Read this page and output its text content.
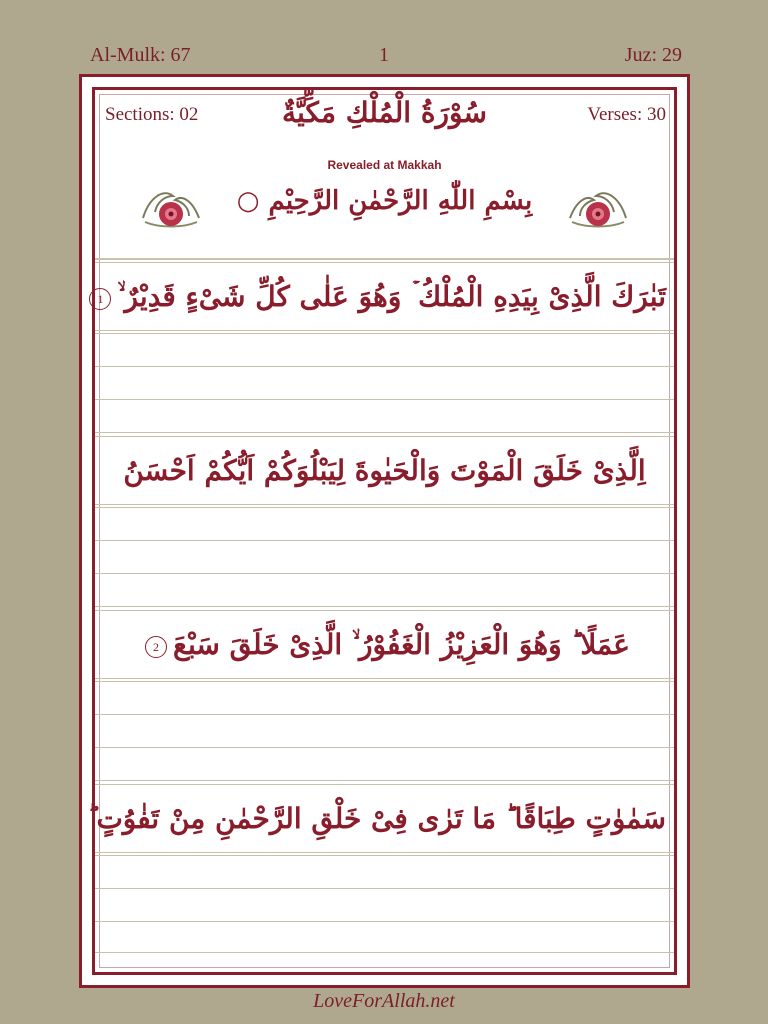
Al-Mulk: 67	1	Juz: 29
Sections: 02	Verses: 30
سُوْرَةُ الْمُلْكِ مَكِّيَّةٌ
Revealed at Makkah
بِسْمِ اللّٰهِ الرَّحْمٰنِ الرَّحِيْمِ ○
تَبٰرَكَ الَّذِىْ بِيَدِهِ الْمُلْكُ ۡ وَهُوَ عَلٰى كُلِّ شَىْءٍ قَدِيْرٌ ۙ1
اِلَّذِىْ خَلَقَ الْمَوْتَ وَالْحَيٰوةَ لِيَبْلُوَكُمْ اَيُّكُمْ اَحْسَنُ
عَمَلًا ؕ وَهُوَ الْعَزِيْزُ الْغَفُوْرُ ۙ الَّذِىْ خَلَقَ سَبْعَ2
سَمٰوٰتٍ طِبَاقًا ؕ مَا تَرٰى فِىْ خَلْقِ الرَّحْمٰنِ مِنْ تَفٰوُتٍ ؕ
LoveForAllah.net
